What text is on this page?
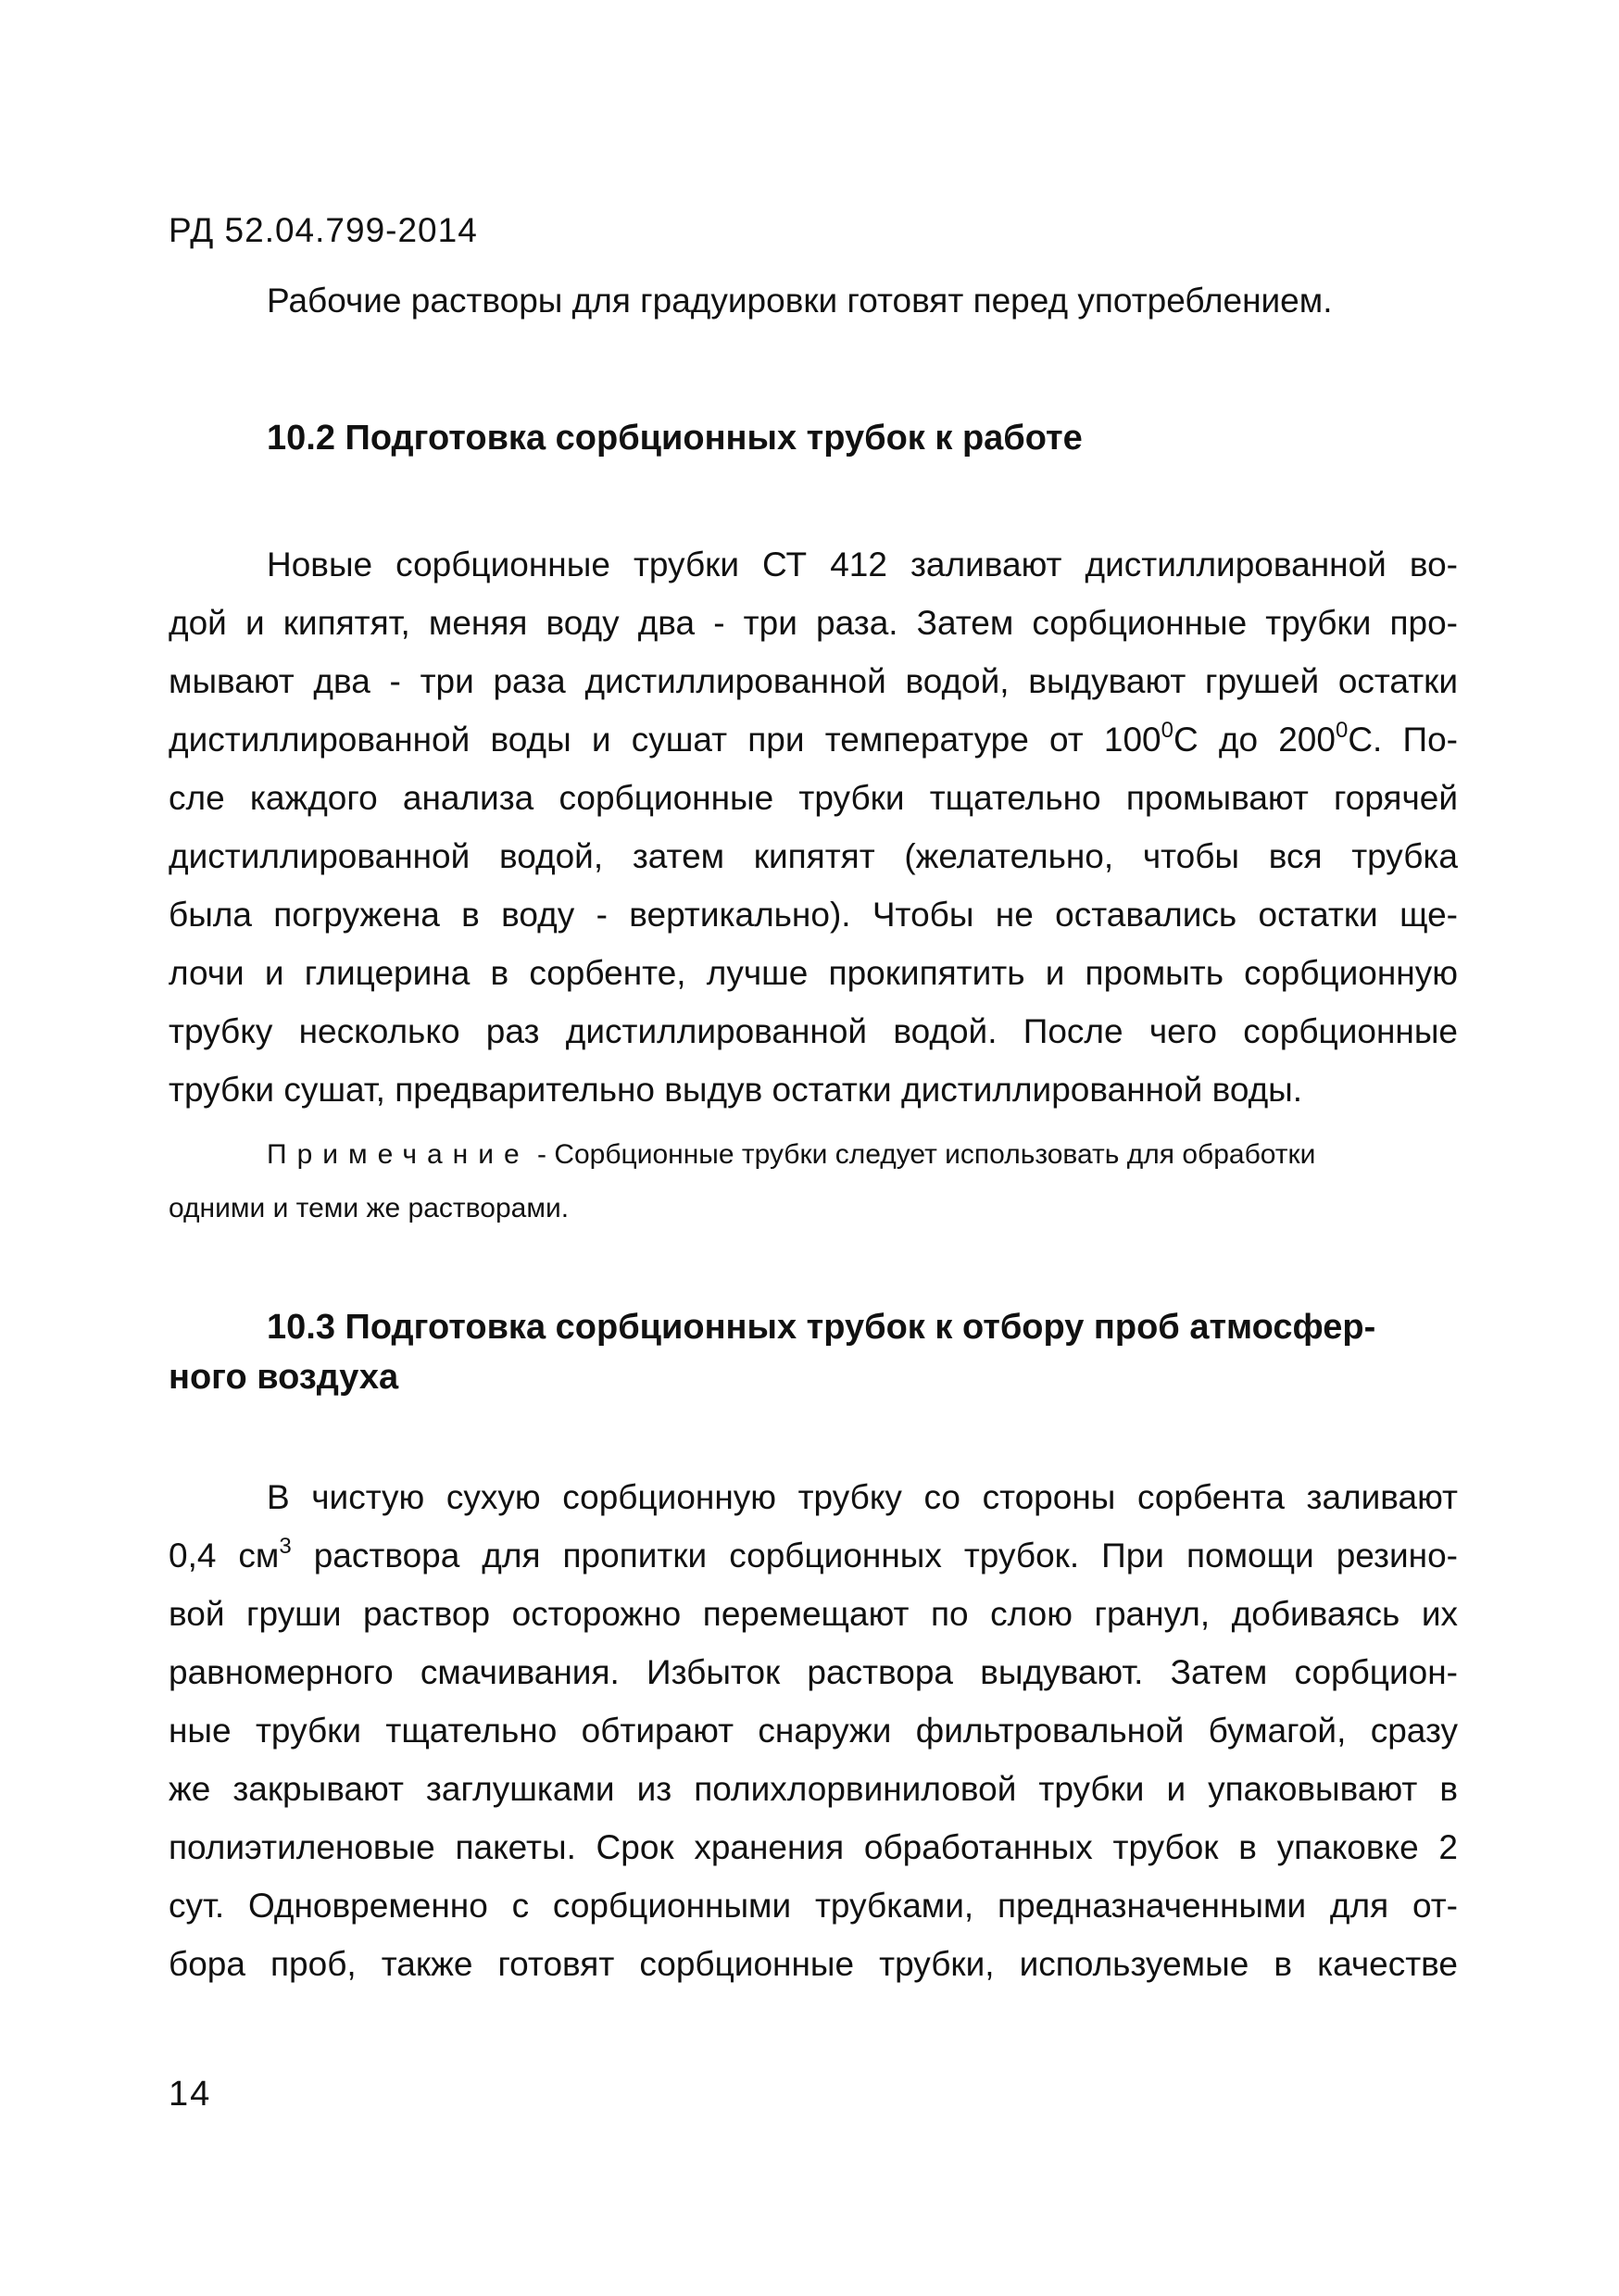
РД 52.04.799-2014
Рабочие растворы для градуировки готовят перед употреблением.
10.2 Подготовка сорбционных трубок к работе
Новые сорбционные трубки СТ 412 заливают дистиллированной во-
дой и кипятят, меняя воду два - три раза. Затем сорбционные трубки про-
мывают два - три раза дистиллированной водой, выдувают грушей остатки
дистиллированной воды и сушат при температуре от $100^0С$ до $200^0С$. По-
сле каждого анализа сорбционные трубки тщательно промывают горячей
дистиллированной водой, затем кипятят (желательно, чтобы вся трубка
была погружена в воду - вертикально). Чтобы не оставались остатки ще-
лочи и глицерина в сорбенте, лучше прокипятить и промыть сорбционную
трубку несколько раз дистиллированной водой. После чего сорбционные
трубки сушат, предварительно выдув остатки дистиллированной воды.
Примечание - Сорбционные трубки следует использовать для обработки
одними и теми же растворами.
10.3 Подготовка сорбционных трубок к отбору проб атмосфер-
ного воздуха
В чистую сухую сорбционную трубку со стороны сорбента заливают
0,4 $см^3$ раствора для пропитки сорбционных трубок. При помощи резино-
вой груши раствор осторожно перемещают по слою гранул, добиваясь их
равномерного смачивания. Избыток раствора выдувают. Затем сорбцион-
ные трубки тщательно обтирают снаружи фильтровальной бумагой, сразу
же закрывают заглушками из полихлорвиниловой трубки и упаковывают в
полиэтиленовые пакеты. Срок хранения обработанных трубок в упаковке 2
сут. Одновременно с сорбционными трубками, предназначенными для от-
бора проб, также готовят сорбционные трубки, используемые в качестве
14
